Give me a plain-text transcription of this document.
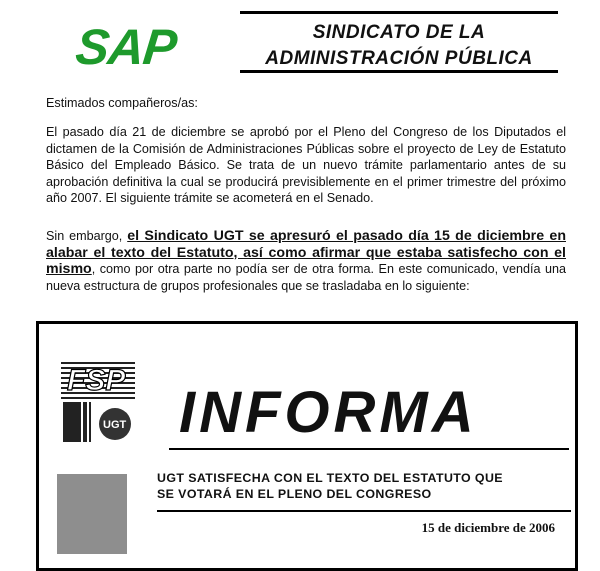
SAP	SINDICATO DE LA
ADMINISTRACIÓN PÚBLICA

Estimados compañeros/as:

El pasado día 21 de diciembre se aprobó por el Pleno del Congreso de los Diputados el dictamen de la Comisión de Administraciones Públicas sobre el proyecto de Ley de Estatuto Básico del Empleado Básico. Se trata de un nuevo trámite parlamentario antes de su aprobación definitiva la cual se producirá previsiblemente en el primer trimestre del próximo año 2007. El siguiente trámite se acometerá en el Senado.

Sin embargo, el Sindicato UGT se apresuró el pasado día 15 de diciembre en alabar el texto del Estatuto, así como afirmar que estaba satisfecho con el mismo, como por otra parte no podía ser de otra forma. En este comunicado, vendía una nueva estructura de grupos profesionales que se trasladaba en lo siguiente:

FSP
UGT INFORMA
UGT SATISFECHA CON EL TEXTO DEL ESTATUTO QUE
SE VOTARÁ EN EL PLENO DEL CONGRESO
15 de diciembre de 2006
